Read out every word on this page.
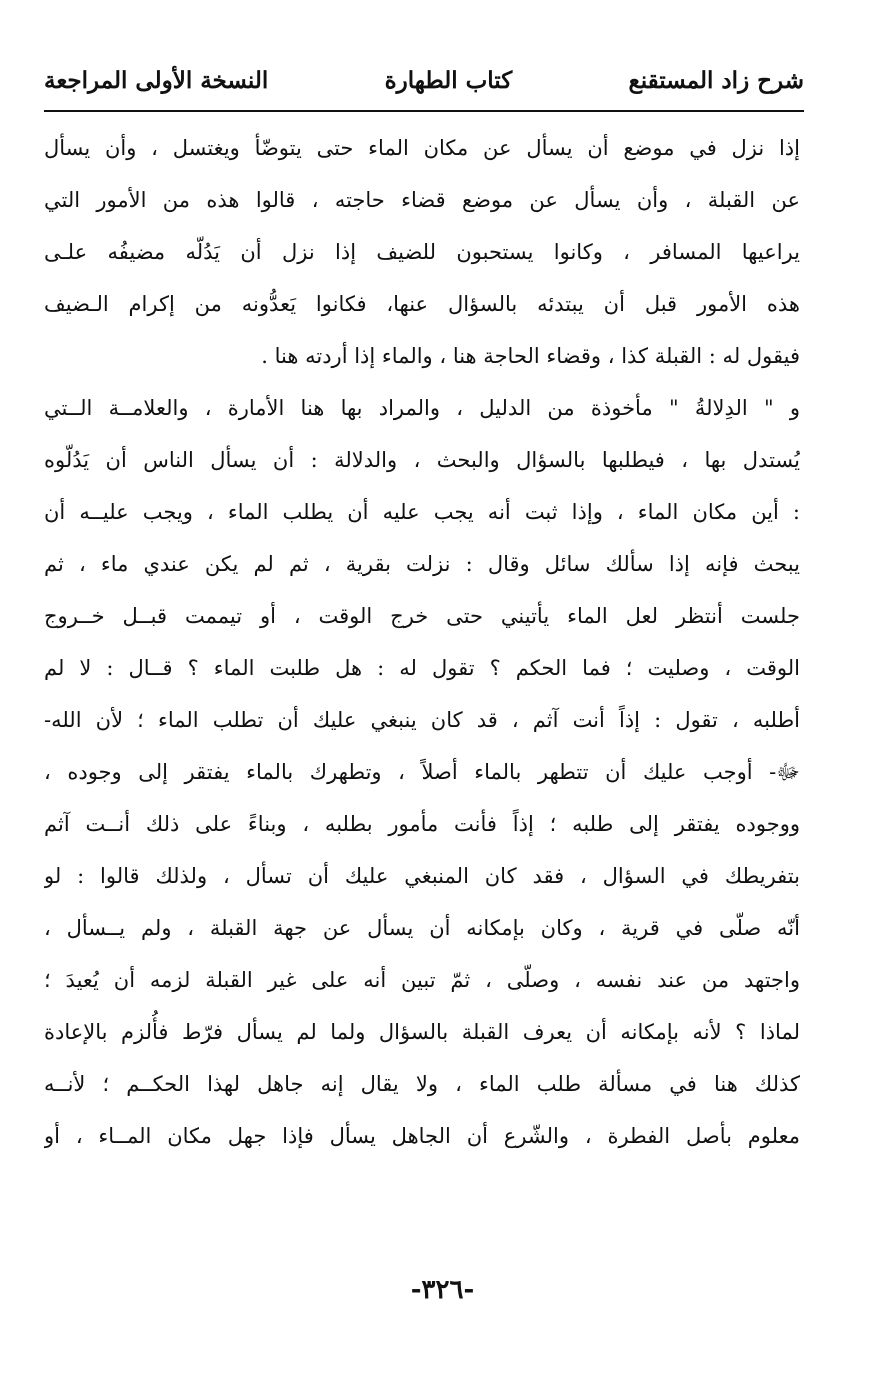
شرح زاد المستقنع
كتاب الطهارة
النسخة الأولى المراجعة
إذا نزل في موضع أن يسأل عن مكان الماء حتى يتوضّأ ويغتسل ، وأن يسأل
عن القبلة ، وأن يسأل عن موضع قضاء حاجته ، قالوا هذه من الأمور التي
يراعيها المسافر ، وكانوا يستحبون للضيف إذا نزل أن يَدُلّه مضيفُه علـى
هذه الأمور قبل أن يبتدئه بالسؤال عنها، فكانوا يَعدُّونه من إكرام الـضيف
فيقول له : القبلة كذا ، وقضاء الحاجة هنا ، والماء إذا أردته هنا .
و " الدِلالةُ " مأخوذة من الدليل ، والمراد بها هنا الأمارة ، والعلامــة الــتي
يُستدل بها ، فيطلبها بالسؤال والبحث ، والدلالة : أن يسأل الناس أن يَدُلّوه
: أين مكان الماء ، وإذا ثبت أنه يجب عليه أن يطلب الماء ، ويجب عليــه أن
يبحث فإنه إذا سألك سائل وقال : نزلت بقرية ، ثم لم يكن عندي ماء ، ثم
جلست أنتظر لعل الماء يأتيني حتى خرج الوقت ، أو تيممت قبــل خــروج
الوقت ، وصليت ؛ فما الحكم ؟ تقول له : هل طلبت الماء ؟ قــال : لا لم
أطلبه ، تقول : إذاً أنت آثم ، قد كان ينبغي عليك أن تطلب الماء ؛ لأن الله-
ﷻ- أوجب عليك أن تتطهر بالماء أصلاً ، وتطهرك بالماء يفتقر إلى وجوده ،
ووجوده يفتقر إلى طلبه ؛ إذاً فأنت مأمور بطلبه ، وبناءً على ذلك أنــت آثم
بتفريطك في السؤال ، فقد كان المنبغي عليك أن تسأل ، ولذلك قالوا : لو
أنّه صلّى في قرية ، وكان بإمكانه أن يسأل عن جهة القبلة ، ولم يــسأل ،
واجتهد من عند نفسه ، وصلّى ، ثمّ تبين أنه على غير القبلة لزمه أن يُعيدَ ؛
لماذا ؟ لأنه بإمكانه أن يعرف القبلة بالسؤال ولما لم يسأل فرّط فأُلزم بالإعادة
كذلك هنا في مسألة طلب الماء ، ولا يقال إنه جاهل لهذا الحكــم ؛ لأنــه
معلوم بأصل الفطرة ، والشّرع أن الجاهل يسأل فإذا جهل مكان المــاء ، أو
-٣٢٦-
